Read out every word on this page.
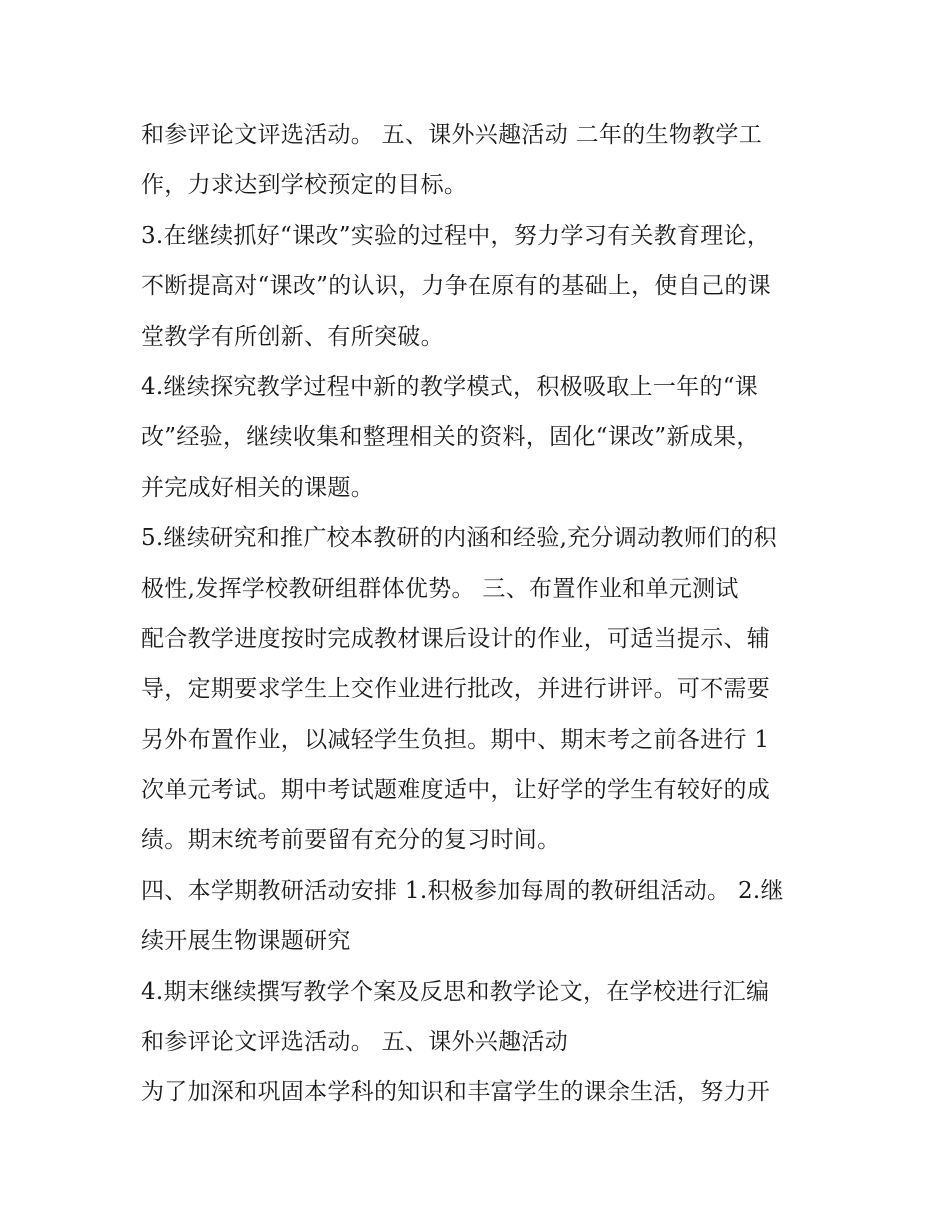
和参评论文评选活动。 五、课外兴趣活动 二年的生物教学工
作，力求达到学校预定的目标。
3.在继续抓好“课改”实验的过程中，努力学习有关教育理论，
不断提高对“课改”的认识，力争在原有的基础上，使自己的课
堂教学有所创新、有所突破。
4.继续探究教学过程中新的教学模式，积极吸取上一年的“课
改”经验，继续收集和整理相关的资料，固化“课改”新成果，
并完成好相关的课题。
5.继续研究和推广校本教研的内涵和经验,充分调动教师们的积
极性,发挥学校教研组群体优势。 三、布置作业和单元测试
配合教学进度按时完成教材课后设计的作业，可适当提示、辅
导，定期要求学生上交作业进行批改，并进行讲评。可不需要
另外布置作业，以减轻学生负担。期中、期末考之前各进行 1
次单元考试。期中考试题难度适中，让好学的学生有较好的成
绩。期末统考前要留有充分的复习时间。
四、本学期教研活动安排 1.积极参加每周的教研组活动。 2.继
续开展生物课题研究
4.期末继续撰写教学个案及反思和教学论文，在学校进行汇编
和参评论文评选活动。 五、课外兴趣活动
为了加深和巩固本学科的知识和丰富学生的课余生活，努力开
